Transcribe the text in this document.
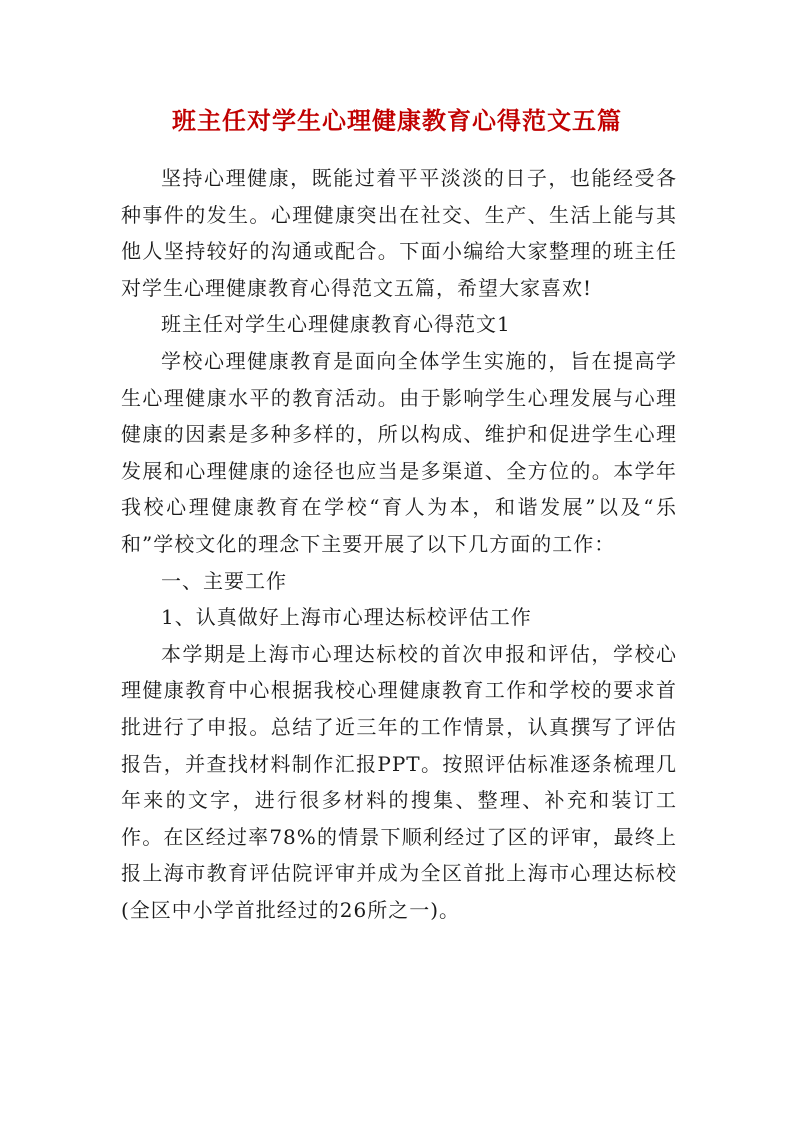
班主任对学生心理健康教育心得范文五篇

坚持心理健康，既能过着平平淡淡的日子，也能经受各种事件的发生。心理健康突出在社交、生产、生活上能与其他人坚持较好的沟通或配合。下面小编给大家整理的班主任对学生心理健康教育心得范文五篇，希望大家喜欢!

班主任对学生心理健康教育心得范文1

学校心理健康教育是面向全体学生实施的，旨在提高学生心理健康水平的教育活动。由于影响学生心理发展与心理健康的因素是多种多样的，所以构成、维护和促进学生心理发展和心理健康的途径也应当是多渠道、全方位的。本学年我校心理健康教育在学校“育人为本，和谐发展”以及“乐和”学校文化的理念下主要开展了以下几方面的工作：

一、主要工作

1、认真做好上海市心理达标校评估工作

本学期是上海市心理达标校的首次申报和评估，学校心理健康教育中心根据我校心理健康教育工作和学校的要求首批进行了申报。总结了近三年的工作情景，认真撰写了评估报告，并查找材料制作汇报PPT。按照评估标准逐条梳理几年来的文字，进行很多材料的搜集、整理、补充和装订工作。在区经过率78%的情景下顺利经过了区的评审，最终上报上海市教育评估院评审并成为全区首批上海市心理达标校(全区中小学首批经过的26所之一)。
